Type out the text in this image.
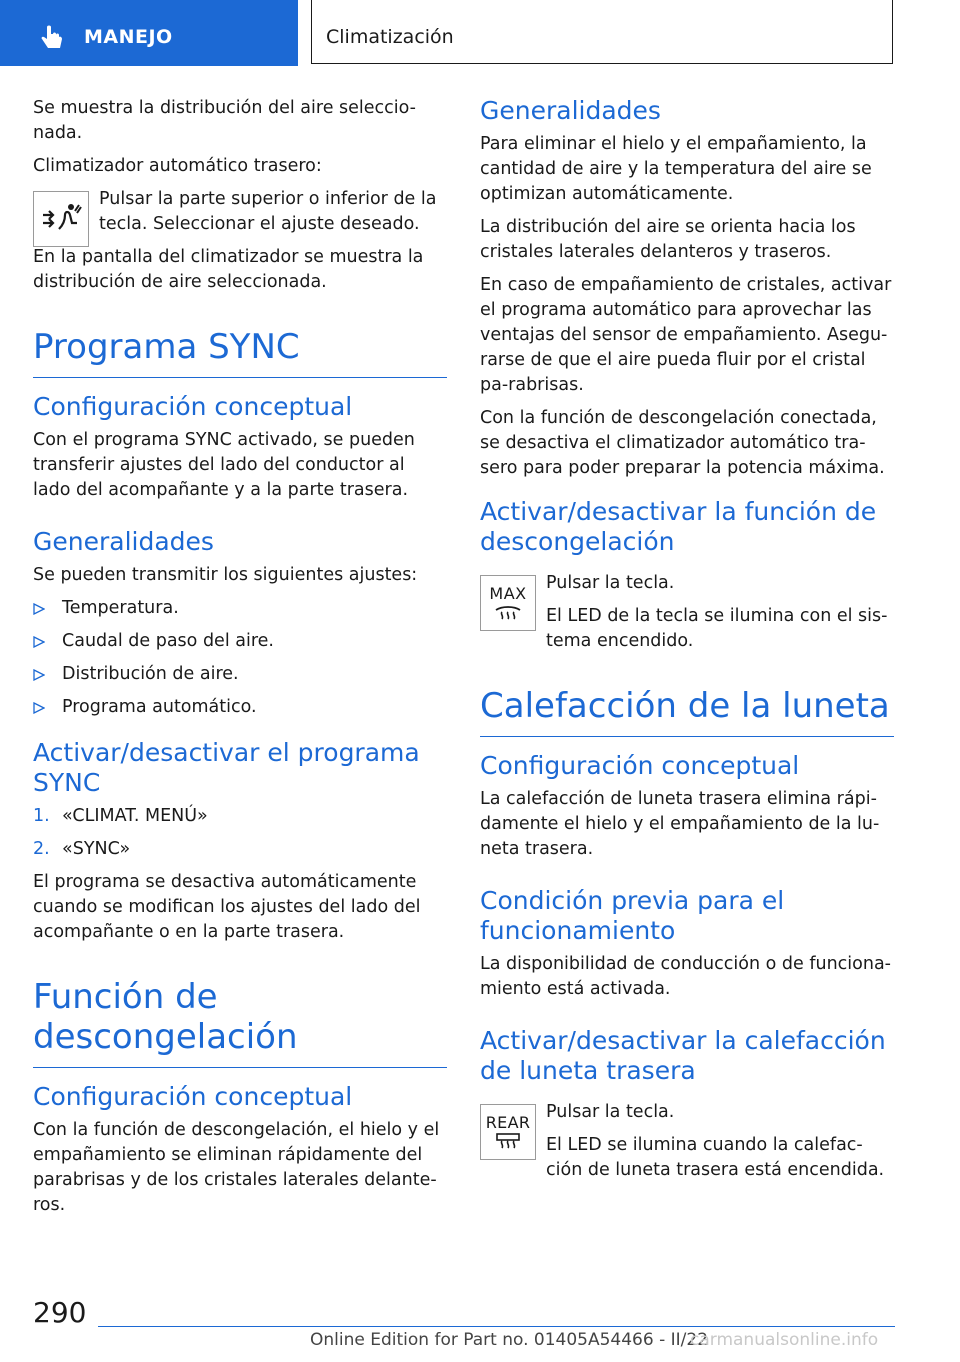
MANEJO	Climatización

Se muestra la distribución del aire seleccio-nada.

Climatizador automático trasero:

Pulsar la parte superior o inferior de la tecla. Seleccionar el ajuste deseado.

En la pantalla del climatizador se muestra la distribución de aire seleccionada.

Programa SYNC
Configuración conceptual

Con el programa SYNC activado, se pueden transferir ajustes del lado del conductor al lado del acompañante y a la parte trasera.

Generalidades

Se pueden transmitir los siguientes ajustes:

Temperatura.
Caudal de paso del aire.
Distribución de aire.
Programa automático.
Activar/desactivar el programa SYNC
1. «CLIMAT. MENÚ»
2. «SYNC»

El programa se desactiva automáticamente cuando se modifican los ajustes del lado del acompañante o en la parte trasera.

Función de descongelación
Configuración conceptual

Con la función de descongelación, el hielo y el empañamiento se eliminan rápidamente del parabrisas y de los cristales laterales delante-ros.

Generalidades

Para eliminar el hielo y el empañamiento, la cantidad de aire y la temperatura del aire se optimizan automáticamente.

La distribución del aire se orienta hacia los cristales laterales delanteros y traseros.

En caso de empañamiento de cristales, activar el programa automático para aprovechar las ventajas del sensor de empañamiento. Asegu-rarse de que el aire pueda fluir por el cristal pa-rabrisas.

Con la función de descongelación conectada, se desactiva el climatizador automático tra-sero para poder preparar la potencia máxima.

Activar/desactivar la función de descongelación
MAX Pulsar la tecla.

El LED de la tecla se ilumina con el sis-tema encendido.

Calefacción de la luneta
Configuración conceptual

La calefacción de luneta trasera elimina rápi-damente el hielo y el empañamiento de la lu-neta trasera.

Condición previa para el funcionamiento

La disponibilidad de conducción o de funciona-miento está activada.

Activar/desactivar la calefacción de luneta trasera
REAR Pulsar la tecla.

El LED se ilumina cuando la calefac-ción de luneta trasera está encendida.

290
Online Edition for Part no. 01405A54466 - II/22
carmanualsonline.info
